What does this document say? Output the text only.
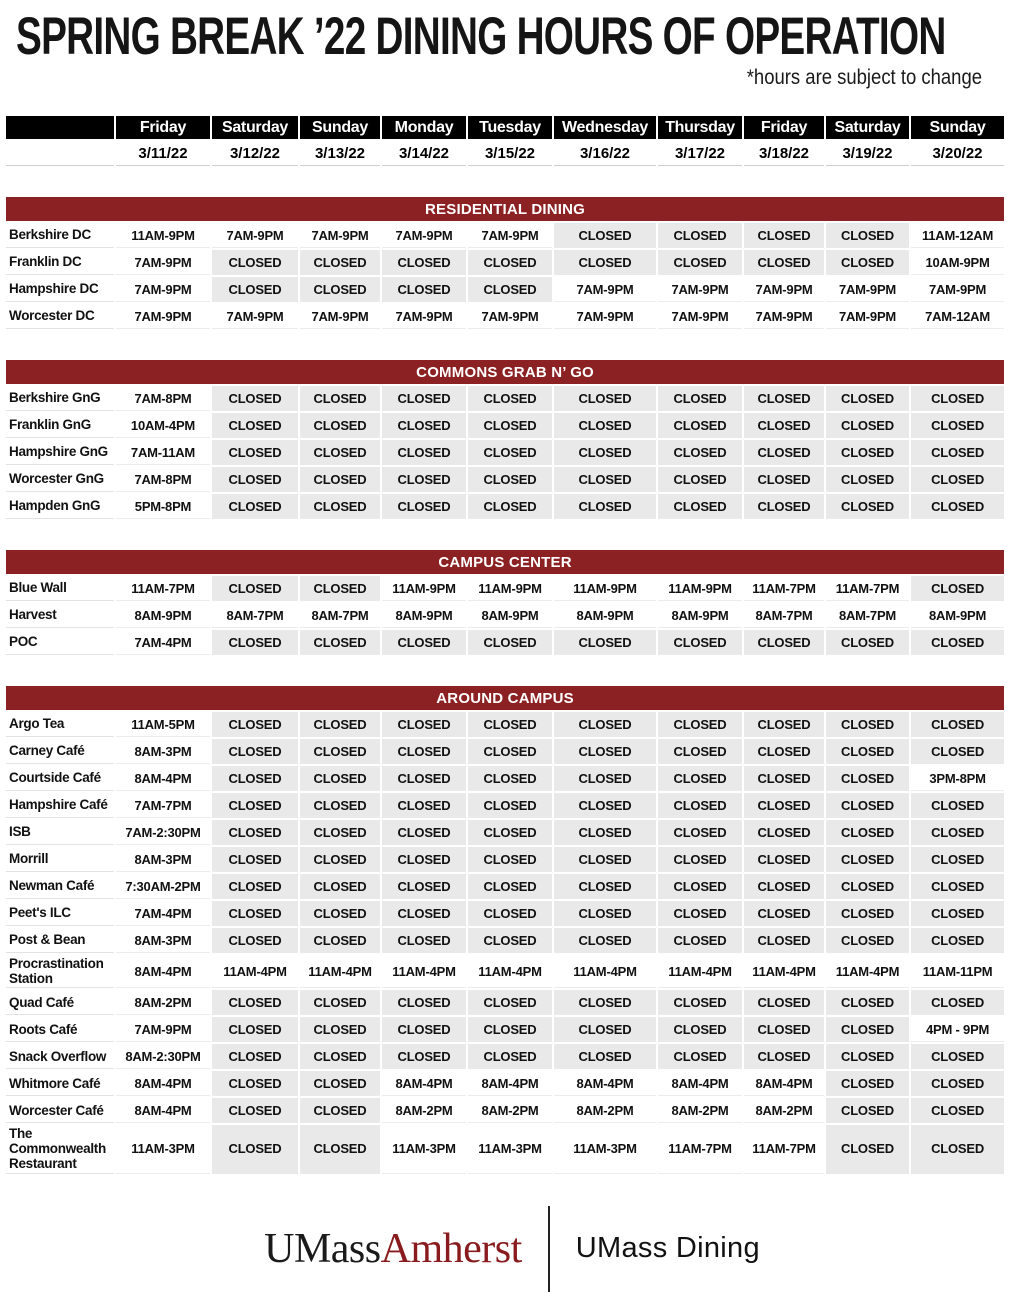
SPRING BREAK ’22 DINING HOURS OF OPERATION
*hours are subject to change
	Friday	Saturday	Sunday	Monday	Tuesday	Wednesday	Thursday	Friday	Saturday	Sunday
	3/11/22	3/12/22	3/13/22	3/14/22	3/15/22	3/16/22	3/17/22	3/18/22	3/19/22	3/20/22
RESIDENTIAL DINING										
Berkshire DC	11AM-9PM	7AM-9PM	7AM-9PM	7AM-9PM	7AM-9PM	CLOSED	CLOSED	CLOSED	CLOSED	11AM-12AM
Franklin DC	7AM-9PM	CLOSED	CLOSED	CLOSED	CLOSED	CLOSED	CLOSED	CLOSED	CLOSED	10AM-9PM
Hampshire DC	7AM-9PM	CLOSED	CLOSED	CLOSED	CLOSED	7AM-9PM	7AM-9PM	7AM-9PM	7AM-9PM	7AM-9PM
Worcester DC	7AM-9PM	7AM-9PM	7AM-9PM	7AM-9PM	7AM-9PM	7AM-9PM	7AM-9PM	7AM-9PM	7AM-9PM	7AM-12AM
COMMONS GRAB N’ GO										
Berkshire GnG	7AM-8PM	CLOSED	CLOSED	CLOSED	CLOSED	CLOSED	CLOSED	CLOSED	CLOSED	CLOSED
Franklin GnG	10AM-4PM	CLOSED	CLOSED	CLOSED	CLOSED	CLOSED	CLOSED	CLOSED	CLOSED	CLOSED
Hampshire GnG	7AM-11AM	CLOSED	CLOSED	CLOSED	CLOSED	CLOSED	CLOSED	CLOSED	CLOSED	CLOSED
Worcester GnG	7AM-8PM	CLOSED	CLOSED	CLOSED	CLOSED	CLOSED	CLOSED	CLOSED	CLOSED	CLOSED
Hampden GnG	5PM-8PM	CLOSED	CLOSED	CLOSED	CLOSED	CLOSED	CLOSED	CLOSED	CLOSED	CLOSED
CAMPUS CENTER										
Blue Wall	11AM-7PM	CLOSED	CLOSED	11AM-9PM	11AM-9PM	11AM-9PM	11AM-9PM	11AM-7PM	11AM-7PM	CLOSED
Harvest	8AM-9PM	8AM-7PM	8AM-7PM	8AM-9PM	8AM-9PM	8AM-9PM	8AM-9PM	8AM-7PM	8AM-7PM	8AM-9PM
POC	7AM-4PM	CLOSED	CLOSED	CLOSED	CLOSED	CLOSED	CLOSED	CLOSED	CLOSED	CLOSED
AROUND CAMPUS										
Argo Tea	11AM-5PM	CLOSED	CLOSED	CLOSED	CLOSED	CLOSED	CLOSED	CLOSED	CLOSED	CLOSED
Carney Café	8AM-3PM	CLOSED	CLOSED	CLOSED	CLOSED	CLOSED	CLOSED	CLOSED	CLOSED	CLOSED
Courtside Café	8AM-4PM	CLOSED	CLOSED	CLOSED	CLOSED	CLOSED	CLOSED	CLOSED	CLOSED	3PM-8PM
Hampshire Café	7AM-7PM	CLOSED	CLOSED	CLOSED	CLOSED	CLOSED	CLOSED	CLOSED	CLOSED	CLOSED
ISB	7AM-2:30PM	CLOSED	CLOSED	CLOSED	CLOSED	CLOSED	CLOSED	CLOSED	CLOSED	CLOSED
Morrill	8AM-3PM	CLOSED	CLOSED	CLOSED	CLOSED	CLOSED	CLOSED	CLOSED	CLOSED	CLOSED
Newman Café	7:30AM-2PM	CLOSED	CLOSED	CLOSED	CLOSED	CLOSED	CLOSED	CLOSED	CLOSED	CLOSED
Peet's ILC	7AM-4PM	CLOSED	CLOSED	CLOSED	CLOSED	CLOSED	CLOSED	CLOSED	CLOSED	CLOSED
Post & Bean	8AM-3PM	CLOSED	CLOSED	CLOSED	CLOSED	CLOSED	CLOSED	CLOSED	CLOSED	CLOSED
Procrastination Station	8AM-4PM	11AM-4PM	11AM-4PM	11AM-4PM	11AM-4PM	11AM-4PM	11AM-4PM	11AM-4PM	11AM-4PM	11AM-11PM
Quad Café	8AM-2PM	CLOSED	CLOSED	CLOSED	CLOSED	CLOSED	CLOSED	CLOSED	CLOSED	CLOSED
Roots Café	7AM-9PM	CLOSED	CLOSED	CLOSED	CLOSED	CLOSED	CLOSED	CLOSED	CLOSED	4PM - 9PM
Snack Overflow	8AM-2:30PM	CLOSED	CLOSED	CLOSED	CLOSED	CLOSED	CLOSED	CLOSED	CLOSED	CLOSED
Whitmore Café	8AM-4PM	CLOSED	CLOSED	8AM-4PM	8AM-4PM	8AM-4PM	8AM-4PM	8AM-4PM	CLOSED	CLOSED
Worcester Café	8AM-4PM	CLOSED	CLOSED	8AM-2PM	8AM-2PM	8AM-2PM	8AM-2PM	8AM-2PM	CLOSED	CLOSED
The Commonwealth Restaurant	11AM-3PM	CLOSED	CLOSED	11AM-3PM	11AM-3PM	11AM-3PM	11AM-7PM	11AM-7PM	CLOSED	CLOSED
UMassAmherst UMass Dining
